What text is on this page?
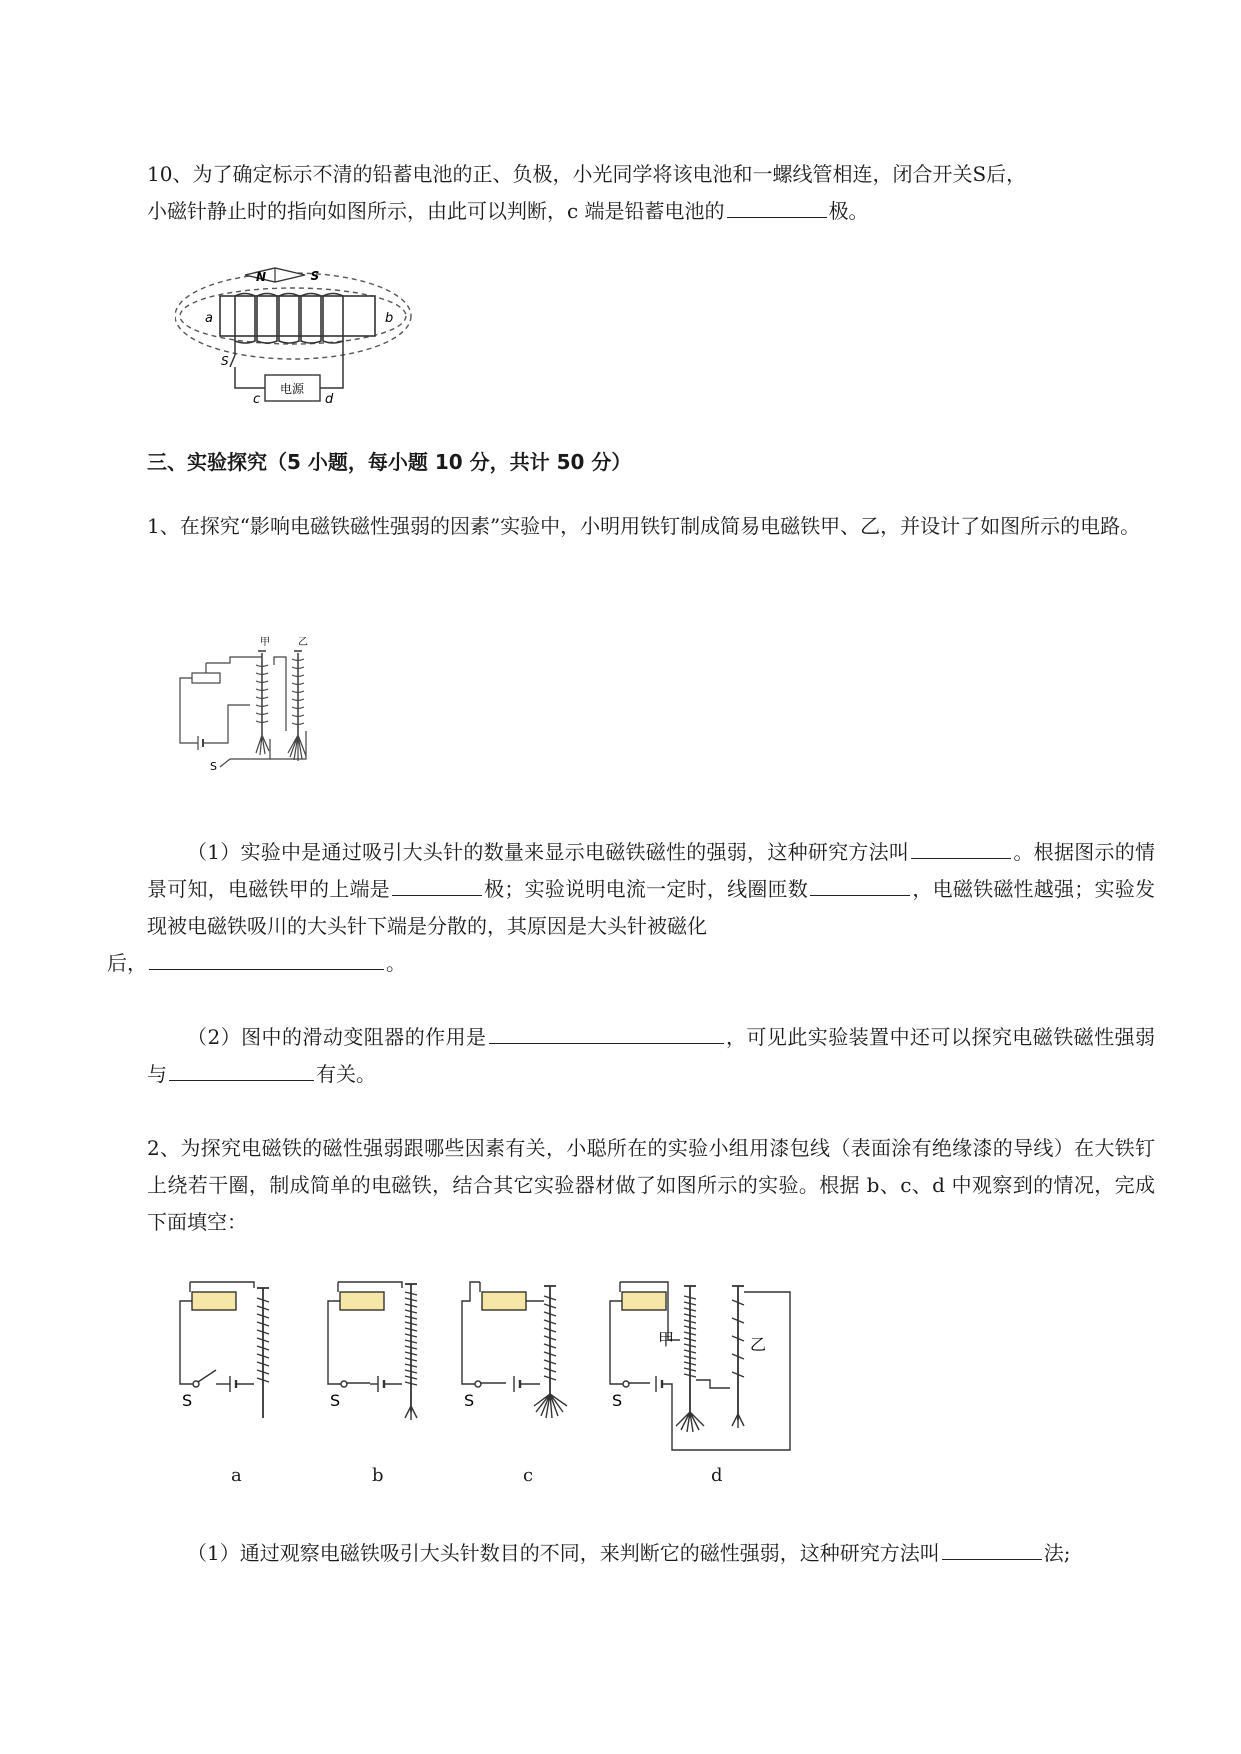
10、为了确定标示不清的铅蓄电池的正、负极，小光同学将该电池和一螺线管相连，闭合开关S后，
小磁针静止时的指向如图所示，由此可以判断，c 端是铅蓄电池的	极。

N	S
a	b
S
电源
c	d

三、实验探究（5 小题，每小题 10 分，共计 50 分）

1、在探究“影响电磁铁磁性强弱的因素”实验中，小明用铁钉制成简易电磁铁甲、乙，并设计了如图所示的电路。

甲	乙
S

（1）实验中是通过吸引大头针的数量来显示电磁铁磁性的强弱，这种研究方法叫	。根据图示的情景可知，电磁铁甲的上端是	极；实验说明电流一定时，线圈匝数	，电磁铁磁性越强；实验发现被电磁铁吸川的大头针下端是分散的，其原因是大头针被磁化
后，	。

（2）图中的滑动变阻器的作用是	，可见此实验装置中还可以探究电磁铁磁性强弱与	有关。

2、为探究电磁铁的磁性强弱跟哪些因素有关，小聪所在的实验小组用漆包线（表面涂有绝缘漆的导线）在大铁钉上绕若干圈，制成简单的电磁铁，结合其它实验器材做了如图所示的实验。根据 b、c、d 中观察到的情况，完成下面填空：

S	S	S	S
甲	乙
a	b	c	d

（1）通过观察电磁铁吸引大头针数目的不同，来判断它的磁性强弱，这种研究方法叫	法;
